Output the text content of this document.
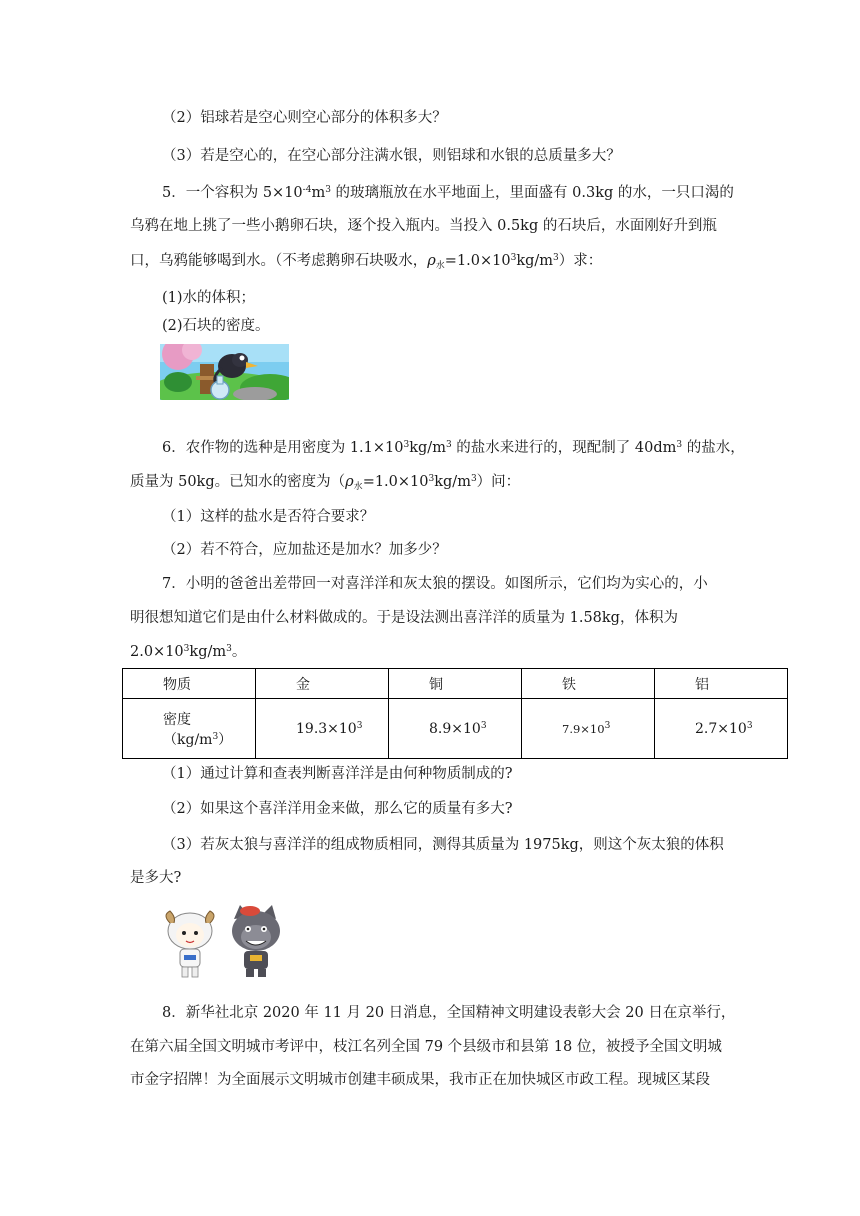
（2）铝球若是空心则空心部分的体积多大？
（3）若是空心的，在空心部分注满水银，则铝球和水银的总质量多大？
5．一个容积为 $5\times 10^{-4}m^3$ 的玻璃瓶放在水平地面上，里面盛有 0.3kg 的水，一只口渴的
乌鸦在地上挑了一些小鹅卵石块，逐个投入瓶内。当投入 0.5kg 的石块后，水面刚好升到瓶
口，乌鸦能够喝到水。（不考虑鹅卵石块吸水，$\rho_水=1.0\times 10^3kg/m^3$）求：
(1)水的体积；
(2)石块的密度。
6．农作物的选种是用密度为 $1.1\times 10^3kg/m^3$ 的盐水来进行的，现配制了 $40dm^3$ 的盐水，
质量为 50kg。已知水的密度为$(\rho_水=1.0\times 10^3kg/m^3)$问：
（1）这样的盐水是否符合要求？
（2）若不符合，应加盐还是加水？加多少？
7．小明的爸爸出差带回一对喜洋洋和灰太狼的摆设。如图所示，它们均为实心的，小
明很想知道它们是由什么材料做成的。于是设法测出喜洋洋的质量为 1.58kg，体积为
$2.0\times 10^3kg/m^3$。
物质	金	铜	铁	铝
密度$(kg/m^3)$	$19.3\times 10^3$	$8.9\times 10^3$	$7.9\times 10^3$	$2.7\times 10^3$
（1）通过计算和查表判断喜洋洋是由何种物质制成的?
（2）如果这个喜洋洋用金来做，那么它的质量有多大?
（3）若灰太狼与喜洋洋的组成物质相同，测得其质量为 1975kg，则这个灰太狼的体积
是多大?
8．新华社北京 2020 年 11 月 20 日消息，全国精神文明建设表彰大会 20 日在京举行，
在第六届全国文明城市考评中，枝江名列全国 79 个县级市和县第 18 位，被授予全国文明城
市金字招牌！为全面展示文明城市创建丰硕成果，我市正在加快城区市政工程。现城区某段
